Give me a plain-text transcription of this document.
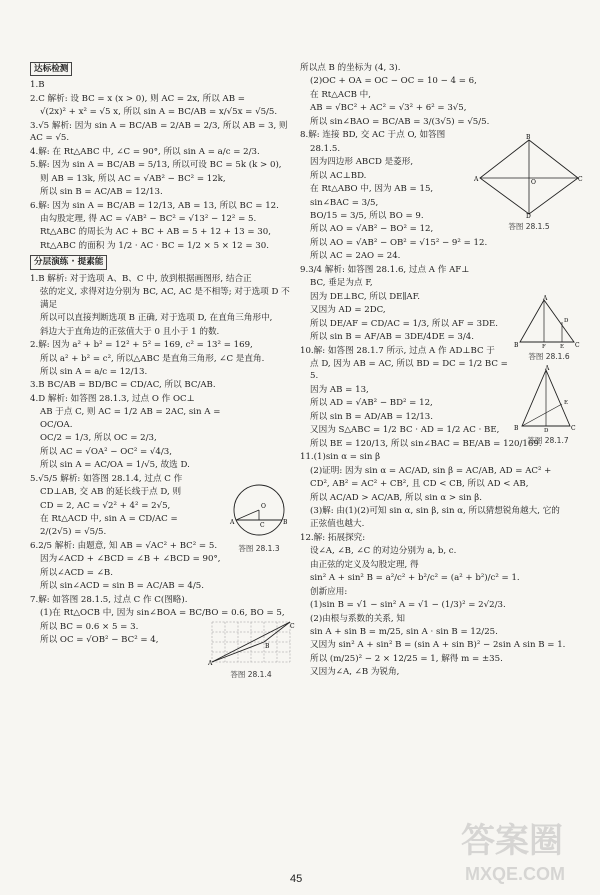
达标检测
1.B
2.C 解析: 设 BC = x (x > 0), 则 AC = 2x, 所以 AB =
√(2x)² + x² = √5 x, 所以 sin A = BC/AB = x/√5x = √5/5.
3.√5 解析: 因为 sin A = BC/AB = 2/AB = 2/3, 所以 AB = 3, 则 AC = √5.
4.解: 在 Rt△ABC 中, ∠C = 90°, 所以 sin A = a/c = 2/3.
5.解: 因为 sin A = BC/AB = 5/13, 所以可设 BC = 5k (k > 0),
则 AB = 13k, 所以 AC = √AB² − BC² = 12k,
所以 sin B = AC/AB = 12/13.
6.解: 因为 sin A = BC/AB = 12/13, AB = 13, 所以 BC = 12.
由勾股定理, 得 AC = √AB² − BC² = √13² − 12² = 5.
Rt△ABC 的周长为 AC + BC + AB = 5 + 12 + 13 = 30,
Rt△ABC 的面积 为 1/2 · AC · BC = 1/2 × 5 × 12 = 30.
分层演练 · 提素能
1.B 解析: 对于选项 A、B、C 中, 放到根据画图形, 结合正
弦的定义, 求得对边分别为 BC, AC, AC 是不相等; 对于选项 D 不满足
所以可以直接判断选项 B 正确, 对于选项 D, 在直角三角形中,
斜边大于直角边的正弦值大于 0 且小于 1 的数.
2.解: 因为 a² + b² = 12² + 5² = 169, c² = 13² = 169,
所以 a² + b² = c², 所以△ABC 是直角三角形, ∠C 是直角.
所以 sin A = a/c = 12/13.
3.B BC/AB = BD/BC = CD/AC, 所以 BC/AB.
4.D 解析: 如答图 28.1.3, 过点 O 作 OC⊥
AB 于点 C, 则 AC = 1/2 AB = 2AC, sin A = OC/OA.
OC/2 = 1/3, 所以 OC = 2/3,
所以 AC = √OA² − OC² = √4/3,
所以 sin A = AC/OA = 1/√5, 故选 D.
5.√5/5 解析: 如答图 28.1.4, 过点 C 作
CD⊥AB, 交 AB 的延长线于点 D, 则
CD = 2, AC = √2² + 4² = 2√5,
在 Rt△ACD 中, sin A = CD/AC =
2/(2√5) = √5/5.
6.2/5 解析: 由题意, 知 AB = √AC² + BC² = 5.
因为∠ACD + ∠BCD = ∠B + ∠BCD = 90°,
所以∠ACD = ∠B.
所以 sin∠ACD = sin B = AC/AB = 4/5.
7.解: 如答图 28.1.5, 过点 C 作 C(图略).
(1)在 Rt△OCB 中, 因为 sin∠BOA = BC/BO = 0.6, BO = 5,
所以 BC = 0.6 × 5 = 3.
所以 OC = √OB² − BC² = 4,
O
A	B
C
答图 28.1.3
A
C
B
答图 28.1.4
所以点 B 的坐标为 (4, 3).
(2)OC + OA = OC − OC = 10 − 4 = 6,
在 Rt△ACB 中,
AB = √BC² + AC² = √3² + 6² = 3√5,
所以 sin∠BAO = BC/AB = 3/(3√5) = √5/5.
8.解: 连接 BD, 交 AC 于点 O, 如答图
28.1.5.
因为四边形 ABCD 是菱形,
所以 AC⊥BD.
在 Rt△ABO 中, 因为 AB = 15,
sin∠BAC = 3/5,
BO/15 = 3/5, 所以 BO = 9.
所以 AO = √AB² − BO² = 12,
所以 AO = √AB² − OB² = √15² − 9² = 12.
所以 AC = 2AO = 24.
9.3/4 解析: 如答图 28.1.6, 过点 A 作 AF⊥
BC, 垂足为点 F,
因为 DE⊥BC, 所以 DE∥AF.
又因为 AD = 2DC,
所以 DE/AF = CD/AC = 1/3, 所以 AF = 3DE.
所以 sin B = AF/AB = 3DE/4DE = 3/4.
10.解: 如答图 28.1.7 所示, 过点 A 作 AD⊥BC 于
点 D, 因为 AB = AC, 所以 BD = DC = 1/2 BC = 5.
因为 AB = 13,
所以 AD = √AB² − BD² = 12,
所以 sin B = AD/AB = 12/13.
又因为 S△ABC = 1/2 BC · AD = 1/2 AC · BE,
所以 BE = 120/13, 所以 sin∠BAC = BE/AB = 120/169.
11.(1)sin α = sin β
(2)证明: 因为 sin α = AC/AD, sin β = AC/AB, AD = AC² +
CD², AB² = AC² + CB², 且 CD < CB, 所以 AD < AB,
所以 AC/AD > AC/AB, 所以 sin α > sin β.
(3)解: 由(1)(2)可知 sin α, sin β, sin α, 所以猜想锐角越大, 它的
正弦值也越大.
12.解: 拓展探究:
设∠A, ∠B, ∠C 的对边分别为 a, b, c.
由正弦的定义及勾股定理, 得
sin² A + sin² B = a²/c² + b²/c² = (a² + b²)/c² = 1.
创新应用:
(1)sin B = √1 − sin² A = √1 − (1/3)² = 2√2/3.
(2)由根与系数的关系, 知
sin A + sin B = m/25, sin A · sin B = 12/25.
又因为 sin² A + sin² B = (sin A + sin B)² − 2sin A sin B = 1.
所以 (m/25)² − 2 × 12/25 = 1, 解得 m = ±35.
又因为∠A, ∠B 为锐角,
B
A	C
O
D
答图 28.1.5
A
B	C
F	E
D
答图 28.1.6
A
B	C
E
D
答图 28.1.7
45
答案圈
MXQE.COM
